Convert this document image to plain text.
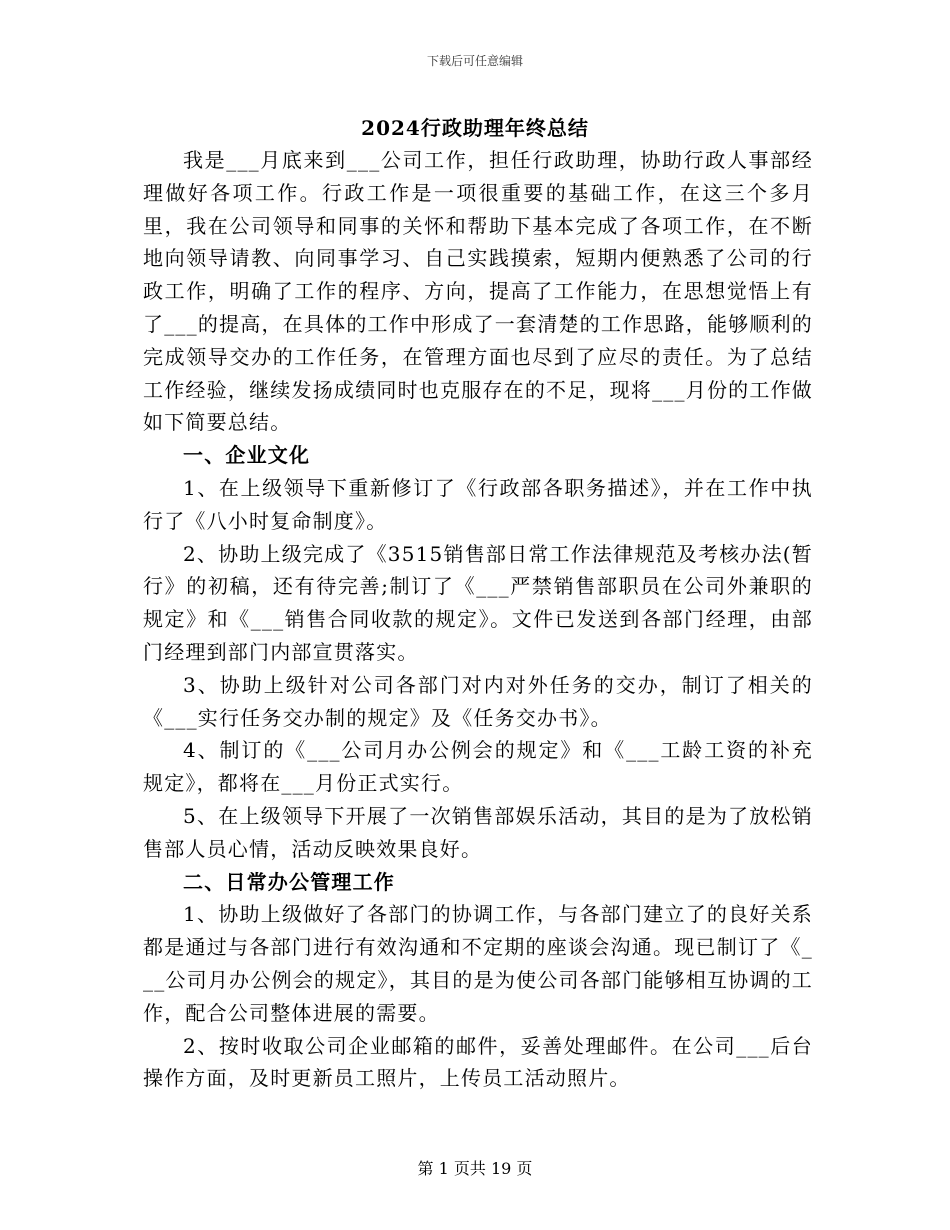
下载后可任意编辑
2024行政助理年终总结

我是___月底来到___公司工作，担任行政助理，协助行政人事部经理做好各项工作。行政工作是一项很重要的基础工作，在这三个多月里，我在公司领导和同事的关怀和帮助下基本完成了各项工作，在不断地向领导请教、向同事学习、自己实践摸索，短期内便熟悉了公司的行政工作，明确了工作的程序、方向，提高了工作能力，在思想觉悟上有了___的提高，在具体的工作中形成了一套清楚的工作思路，能够顺利的完成领导交办的工作任务，在管理方面也尽到了应尽的责任。为了总结工作经验，继续发扬成绩同时也克服存在的不足，现将___月份的工作做如下简要总结。

一、企业文化

1、在上级领导下重新修订了《行政部各职务描述》，并在工作中执行了《八小时复命制度》。

2、协助上级完成了《3515销售部日常工作法律规范及考核办法(暂行》的初稿，还有待完善;制订了《___严禁销售部职员在公司外兼职的规定》和《___销售合同收款的规定》。文件已发送到各部门经理，由部门经理到部门内部宣贯落实。

3、协助上级针对公司各部门对内对外任务的交办，制订了相关的《___实行任务交办制的规定》及《任务交办书》。

4、制订的《___公司月办公例会的规定》和《___工龄工资的补充规定》，都将在___月份正式实行。

5、在上级领导下开展了一次销售部娱乐活动，其目的是为了放松销售部人员心情，活动反映效果良好。

二、日常办公管理工作

1、协助上级做好了各部门的协调工作，与各部门建立了的良好关系都是通过与各部门进行有效沟通和不定期的座谈会沟通。现已制订了《___公司月办公例会的规定》，其目的是为使公司各部门能够相互协调的工作，配合公司整体进展的需要。

2、按时收取公司企业邮箱的邮件，妥善处理邮件。在公司___后台操作方面，及时更新员工照片，上传员工活动照片。

第 1 页共 19 页
